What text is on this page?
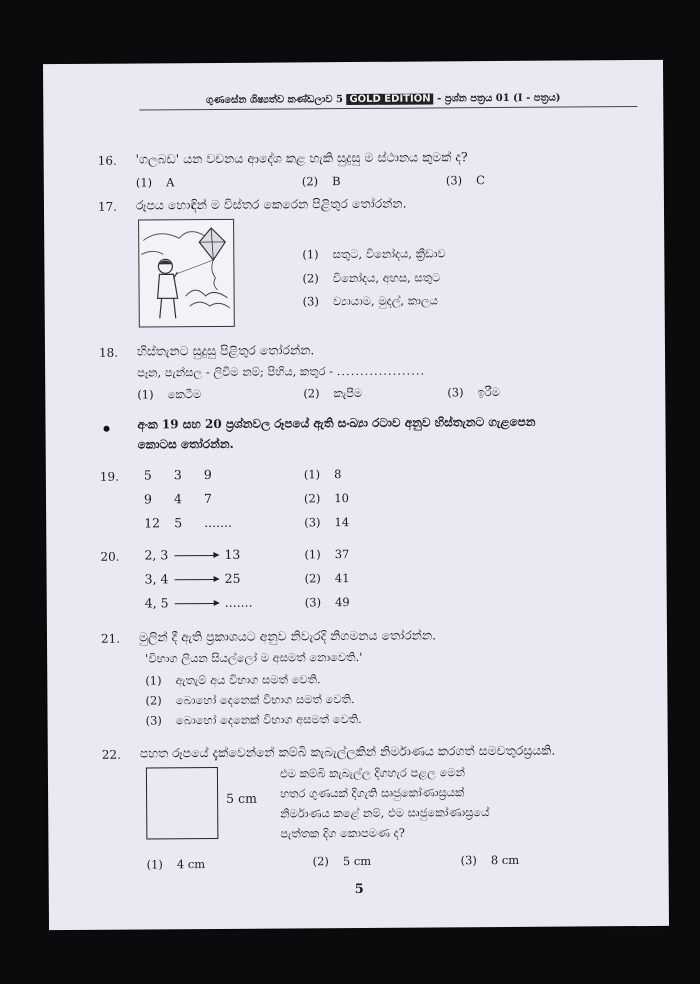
ගුණසේන ශිෂ්‍යත්ව කණ්ඩලාව 5 GOLD EDITION - ප්‍රශ්න පත්‍රය 01 (I - පත්‍රය)
16. 'ගලබඩ' යන වචනය ආදේශ කළ හැකි සුදුසු ම ස්ථානය කුමක් ද?
(1) A	(2) B	(3) C
17. රූපය හොඳින් ම විස්තර කෙරෙන පිළිතුර තෝරන්න.
(1) සතුට, විනෝදය, ක්‍රීඩාව
(2) විනෝදය, අහස, සතුට
(3) ව්‍යායාම, මුදල්, කාලය
18. හිස්තැනට සුදුසු පිළිතුර තෝරන්න.
පෑන, පැන්සල - ලිවීම නම්; පිහිය, කතුර - ...................
(1) කෙටීම	(2) කැපීම	(3) ඉරීම
අංක 19 සහ 20 ප්‍රශ්නවල රූපයේ ඇති සංඛ්‍යා රටාව අනුව හිස්තැනට ගැළපෙන
කොටස තෝරන්න.
19. 5 3 9
9 4 7
12 5 .......
(1) 8
(2) 10
(3) 14
20. 2, 3	13
3, 4	25
4, 5	.......
(1) 37
(2) 41
(3) 49
21. මුලින් දී ඇති ප්‍රකාශයට අනුව නිවැරදි නිගමනය තෝරන්න.
'විභාග ලියන සියල්ලෝ ම අසමත් නොවෙති.'
(1) ඇතැම් අය විභාග සමත් වෙති.
(2) බොහෝ දෙනෙක් විභාග සමත් වෙති.
(3) බොහෝ දෙනෙක් විභාග අසමත් වෙති.
22. පහත රූපයේ දැක්වෙන්නේ කම්බි කැබැල්ලකින් නිර්මාණය කරගත් සමචතුරස්‍රයකි.
5 cm
එම කම්බි කැබැල්ල දිගහැර පළල මෙන්
හතර ගුණයක් දිගැති සෘජුකෝණාස්‍රයක්
නිර්මාණය කළේ නම්, එම සෘජුකෝණාස්‍රයේ
පැත්තක දිග කොපමණ ද?
(1) 4 cm	(2) 5 cm	(3) 8 cm
5
